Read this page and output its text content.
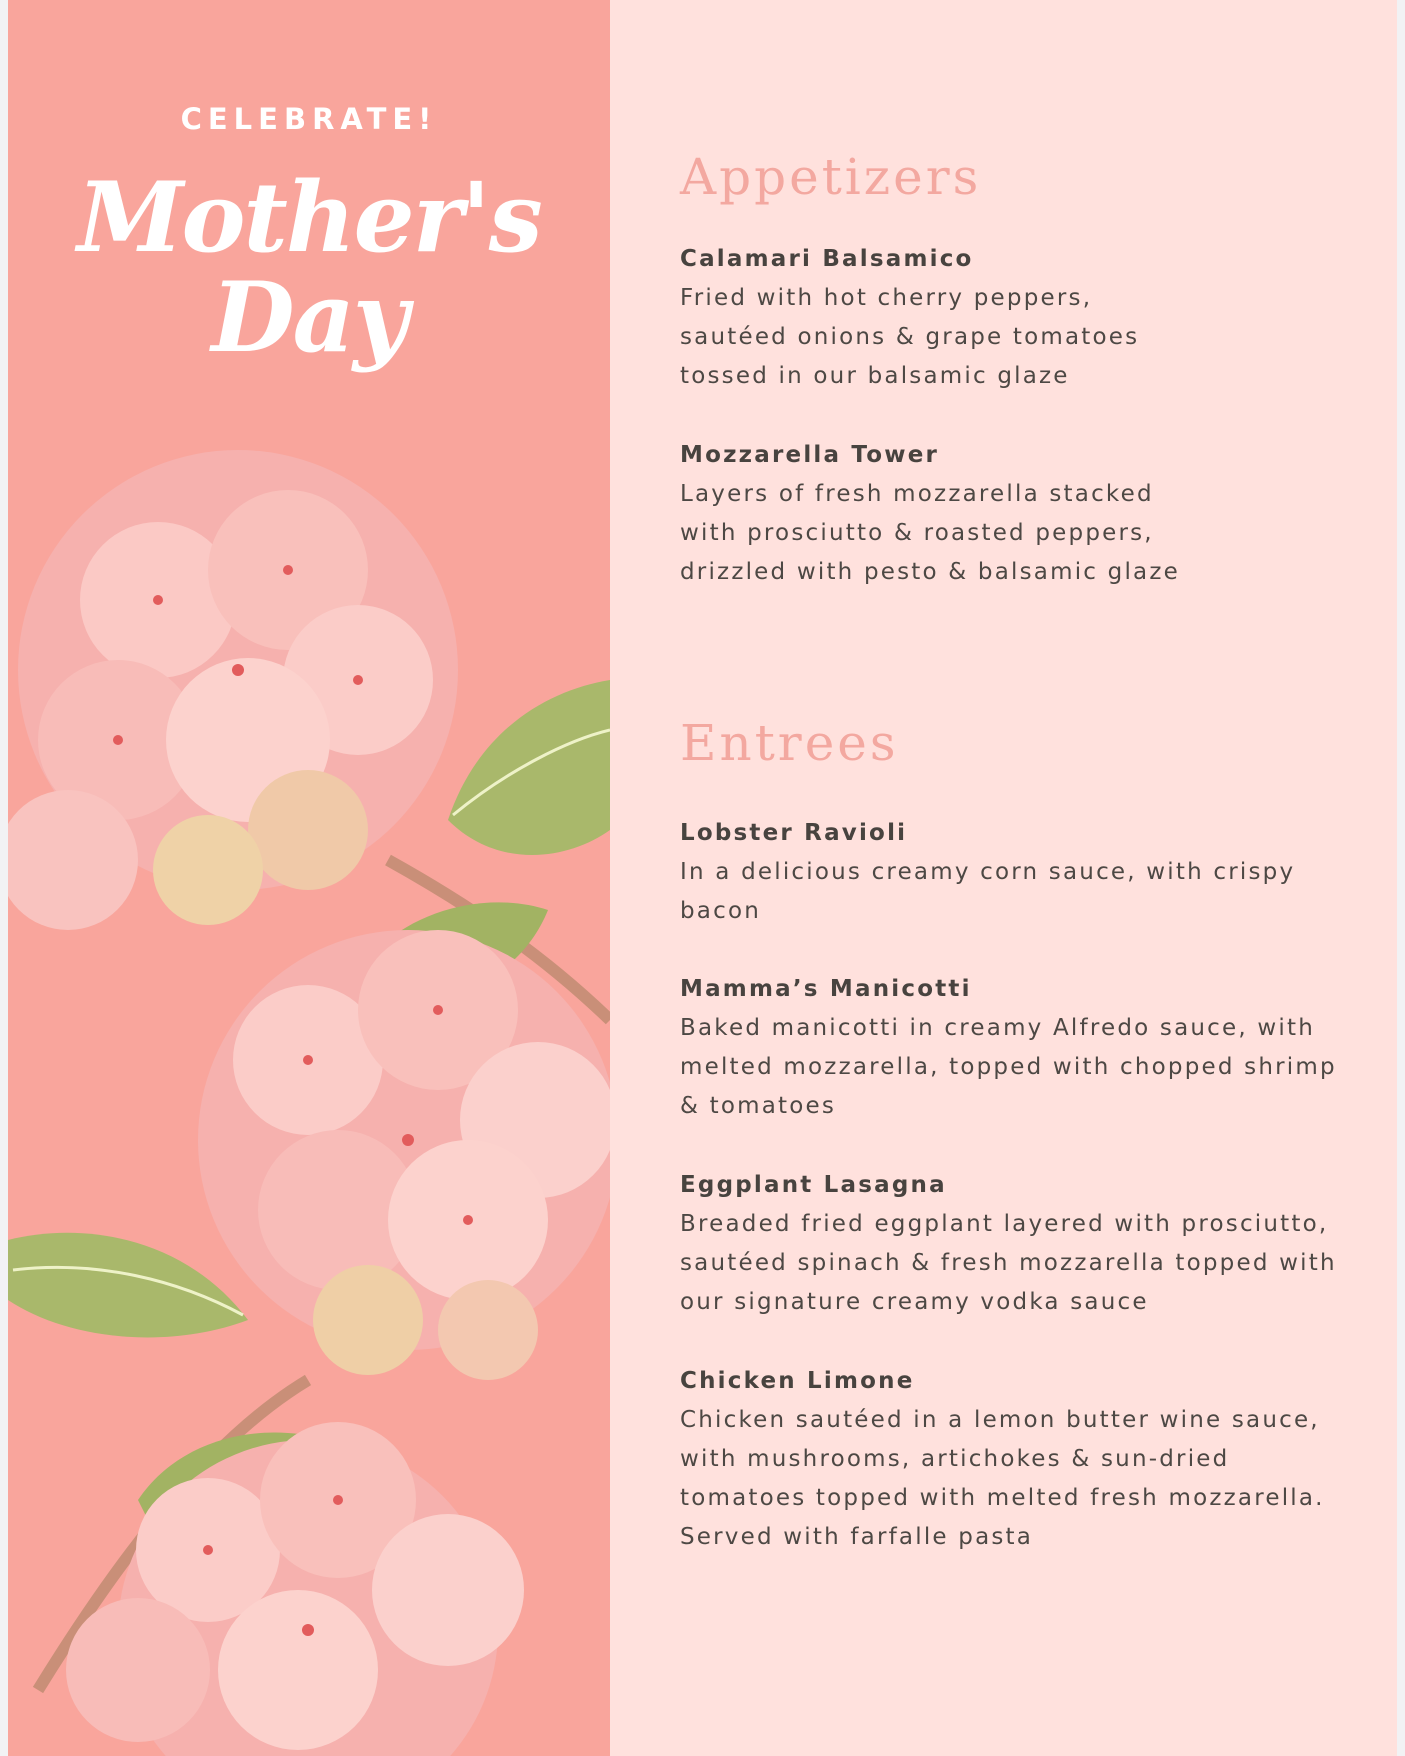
CELEBRATE!
Mother's
Day
Appetizers
Calamari Balsamico
Fried with hot cherry peppers,
sautéed onions & grape tomatoes
tossed in our balsamic glaze
Mozzarella Tower
Layers of fresh mozzarella stacked
with prosciutto & roasted peppers,
drizzled with pesto & balsamic glaze
Entrees
Lobster Ravioli
In a delicious creamy corn sauce, with crispy
bacon
Mamma’s Manicotti
Baked manicotti in creamy Alfredo sauce, with
melted mozzarella, topped with chopped shrimp
& tomatoes
Eggplant Lasagna
Breaded fried eggplant layered with prosciutto,
sautéed spinach & fresh mozzarella topped with
our signature creamy vodka sauce
Chicken Limone
Chicken sautéed in a lemon butter wine sauce,
with mushrooms, artichokes & sun-dried
tomatoes topped with melted fresh mozzarella.
Served with farfalle pasta
